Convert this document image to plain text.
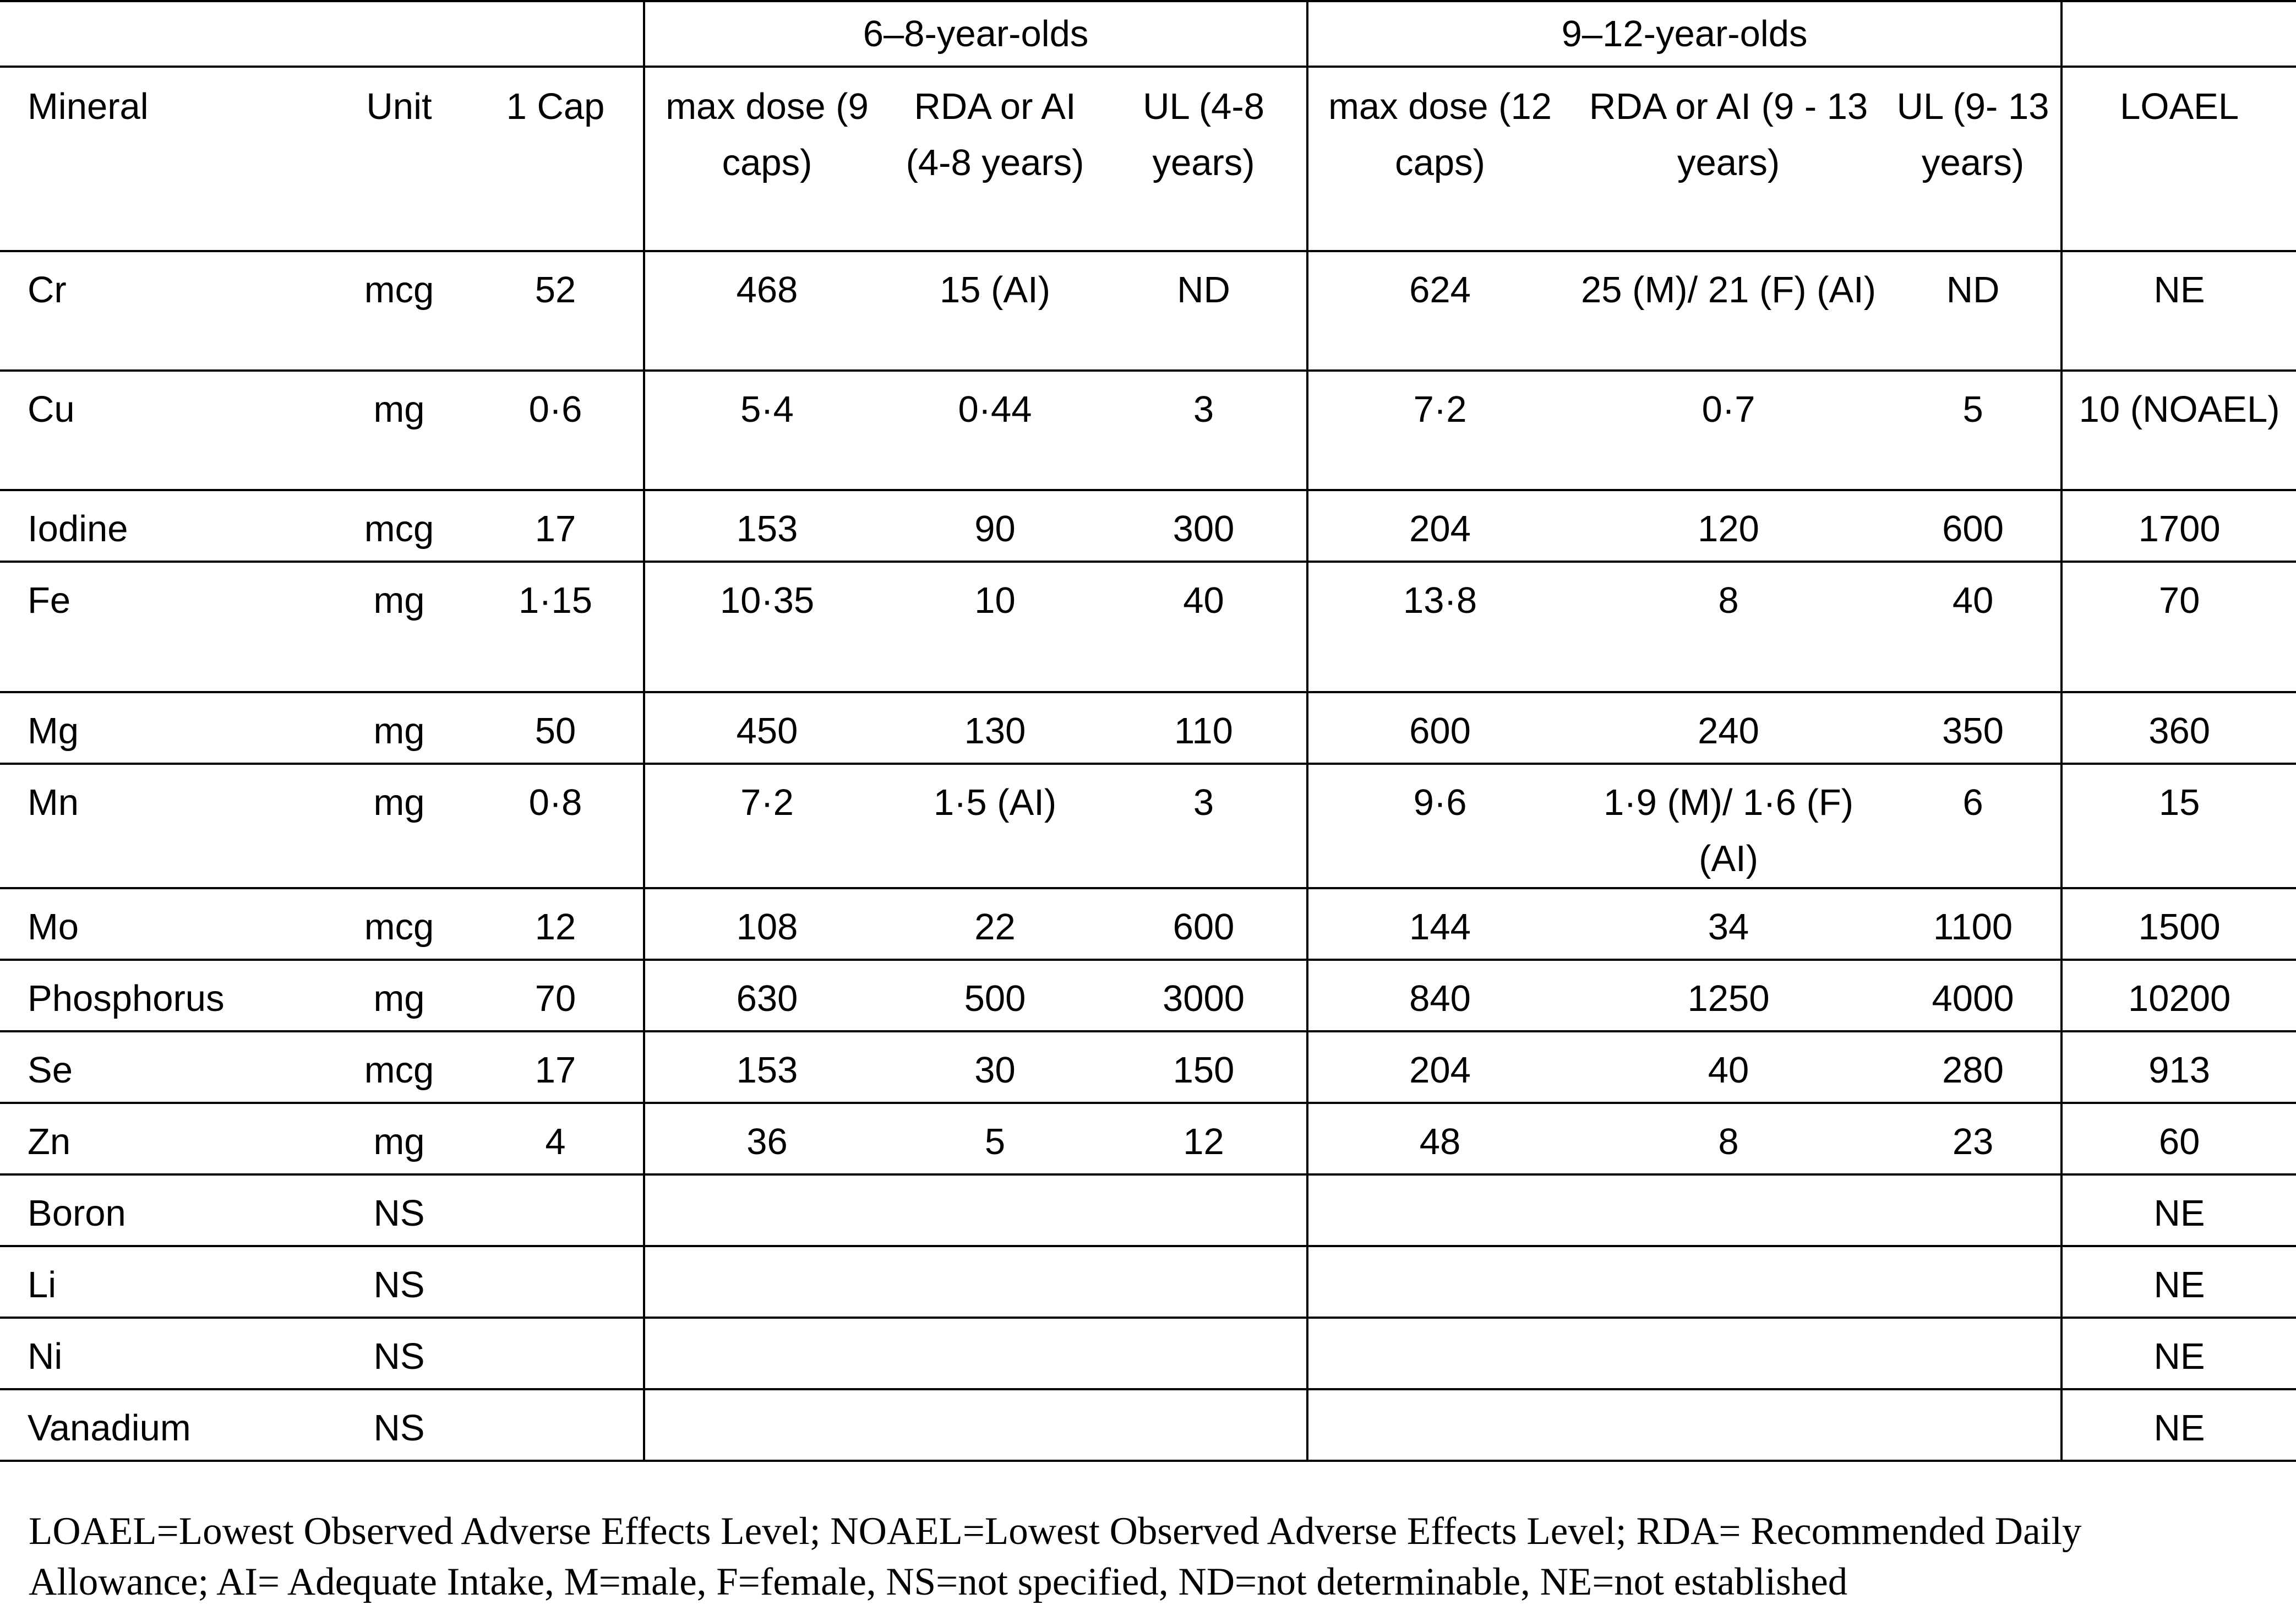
			6–8-year-olds			9–12-year-olds			
Mineral	Unit	1 Cap	max dose (9 caps)	RDA or AI (4-8 years)	UL (4-8 years)	max dose (12 caps)	RDA or AI (9 - 13 years)	UL (9- 13 years)	LOAEL
Cr	mcg	52	468	15 (AI)	ND	624	25 (M)/ 21 (F) (AI)	ND	NE
Cu	mg	0·6	5·4	0·44	3	7·2	0·7	5	10 (NOAEL)
Iodine	mcg	17	153	90	300	204	120	600	1700
Fe	mg	1·15	10·35	10	40	13·8	8	40	70
Mg	mg	50	450	130	110	600	240	350	360
Mn	mg	0·8	7·2	1·5 (AI)	3	9·6	1·9 (M)/ 1·6 (F) (AI)	6	15
Mo	mcg	12	108	22	600	144	34	1100	1500
Phosphorus	mg	70	630	500	3000	840	1250	4000	10200
Se	mcg	17	153	30	150	204	40	280	913
Zn	mg	4	36	5	12	48	8	23	60
Boron	NS								NE
Li	NS								NE
Ni	NS								NE
Vanadium	NS								NE

LOAEL=Lowest Observed Adverse Effects Level; NOAEL=Lowest Observed Adverse Effects Level; RDA= Recommended Daily Allowance; AI= Adequate Intake, M=male, F=female, NS=not specified, ND=not determinable, NE=not established
